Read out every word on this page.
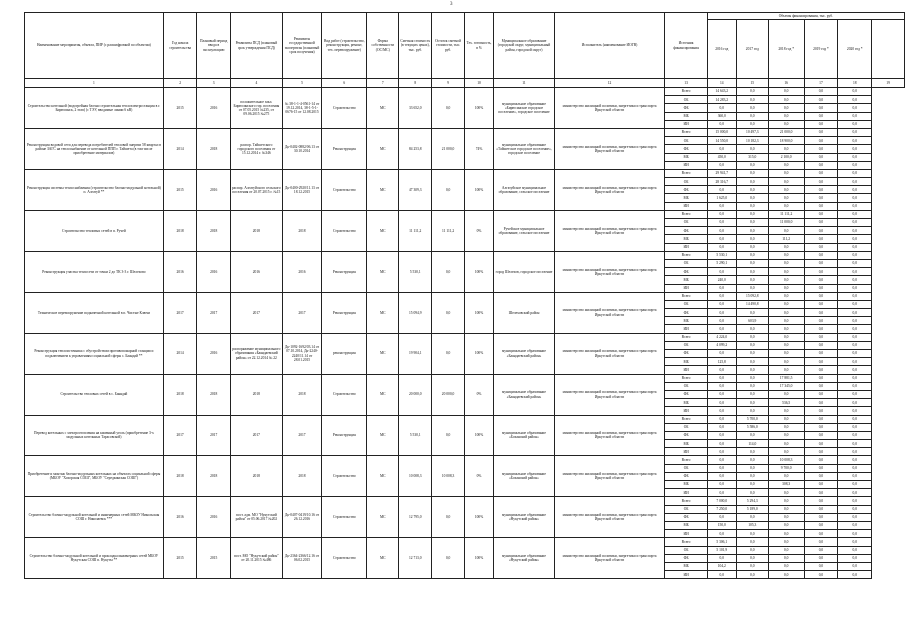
3
Наименование мероприятия, объекта, ПИР (с расшифровкой по объектам)	Год начала строительства	Плановый период ввода в эксплуатацию	Реквизиты ПСД (плановый срок утверждения ПСД)	Реквизиты государственной экспертизы (плановый срок получения)	Вид работ (строительство, реконструкция, ремонт, тех. перевооружение)	Форма собственности (ОС/МС)	Сметная стоимость (в текущих ценах), тыс. руб.	Остаток сметной стоимости, тыс. руб.	Тех. готовность, в %	Муниципальное образование (городской округ, муниципальный район, городской округ)	Исполнитель (наименование ИОГВ)	Источник финансирования	Объемы финансирования, тыс. руб.					
													2016 год	2017 год	2018 год *	2019 год *	2020 год *	
1	2	3	4	5	6	7	8	9	10	11	12	13	14	15	16	17	18	19
Строительство котельной (водогрейная блочно строительная теплоэлектростанция в г. Бирюсинск, 2 этап) (с ТЭУ, вводимые линии 6 кВ)	2015	2016	положительное закл. Бирюсинского гор. поселения от 07.05.2015 №235, от 09.06.2015 №275	№ 38-1-1-4-0561-14 от 19.12.2014, 38-1-5-1-0676-15 от 12.08.2015	Строительство	МС	33 652,0	0,0	100%	муниципальное образование «Бирюсинское городское поселение», городское поселение	министерство жилищной политики, энергетики и транспорта Иркутской области	Всего	14 643,2	0,0	0,0	0,0	0,0	
												ОБ	14 283,2	0,0	0,0	0,0	0,0	
												ФБ	0,0	0,0	0,0	0,0	0,0	
												МБ	360,0	0,0	0,0	0,0	0,0	
												ИИ	0,0	0,0	0,0	0,0	0,0	
Реконструкция водовой сети для перевода потребителей тепловой энергии 58 квартал в районе ЗАГС на теплоснабжение от котельной ППП г. Тайшета (в том числе приобретение материалов)	2014	2018	распор. Тайшетского городского поселения от 15.12.2014 г. №346	Дк-0402-0882/06.13 от 30.10.2014	Реконструкция	МС	84 253,8	21 000,0	74%	муниципальное образование «Тайшетское городское поселение», городское поселение	министерство жилищной политики, энергетики и транспорта Иркутской области	Всего	15 000,0	10 497,3	21 000,0	0,0	0,0	
												ОБ	14 550,0	10 182,3	18 900,0	0,0	0,0	
												ФБ	0,0	0,0	0,0	0,0	0,0	
												МБ	450,0	315,0	2 100,0	0,0	0,0	
												ИИ	0,0	0,0	0,0	0,0	0,0	
Реконструкция системы теплоснабжения (строительство блочно-модульной котельной) п. Алгатуй **	2015	2016	распор. Алгатуйского сельского поселения от 20.07.2015 г. №15	Дк-0400-2920/11.13 от 18.12.2015	Строительство	МС	47 309,3	0,0	100%	Алгатуйское муниципальное образование, сельское поселение	министерство жилищной политики, энергетики и транспорта Иркутской области	Всего	29 941,7	0,0	0,0	0,0	0,0	
												ОБ	28 316,7	0,0	0,0	0,0	0,0	
												ФБ	0,0	0,0	0,0	0,0	0,0	
												МБ	1 625,0	0,0	0,0	0,0	0,0	
												ИИ	0,0	0,0	0,0	0,0	0,0	
Строительство тепловых сетей в п. Ручей	2018	2018	2018	2018	Строительство	МС	11 111,2	11 111,2	0%	Ручейское муниципальное образование, сельское поселение	министерство жилищной политики, энергетики и транспорта Иркутской области	Всего	0,0	0,0	11 111,2	0,0	0,0	
												ОБ	0,0	0,0	11 000,0	0,0	0,0	
												ФБ	0,0	0,0	0,0	0,0	0,0	
												МБ	0,0	0,0	111,2	0,0	0,0	
												ИИ	0,0	0,0	0,0	0,0	0,0	
Реконструкция участка теплосети от точки 2 до ТК 3-3 г. Шелехово	2016	2016	2016	2016	Реконструкция	МС	5 530,1	0,0	100%	город Шелехов, городское поселение	министерство жилищной политики, энергетики и транспорта Иркутской области	Всего	5 530,1	0,0	0,0	0,0	0,0	
												ОБ	5 290,1	0,0	0,0	0,0	0,0	
												ФБ	0,0	0,0	0,0	0,0	0,0	
												МБ	240,0	0,0	0,0	0,0	0,0	
												ИИ	0,0	0,0	0,0	0,0	0,0	
Техническое перевооружение подкачечной котельной в п. Чистые Ключи	2017	2017	2017	2017	Реконструкция	МС	15 094,9	0,0	100%	Шелеховский район	министерство жилищной политики, энергетики и транспорта Иркутской области	Всего	0,0	15 092,8	0,0	0,0	0,0	
												ОБ	0,0	14 490,8	0,0	0,0	0,0	
												ФБ	0,0	0,0	0,0	0,0	0,0	
												МБ	0,0	603,9	0,0	0,0	0,0	
												ИИ	0,0	0,0	0,0	0,0	0,0	
Реконструкция теплоисточника с обустройством противопожарной станции и подключением к управлениям социальной сферы с. Баяндай **	2014	2016	распоряжение муниципального образования «Баяндаевский район» от 22.12.2014 № 22	Дк-1092-1692/03.14 от 07.10.2014, Дк-2240-2240/11.14 от 28.01.2015	реконструкция	МС	19 904,1	0,0	100%	муниципальное образование «Баяндаевский район»	министерство жилищной политики, энергетики и транспорта Иркутской области	Всего	4 224,0	0,0	0,0	0,0	0,0	
												ОБ	4 099,2	0,0	0,0	0,0	0,0	
												ФБ	0,0	0,0	0,0	0,0	0,0	
												МБ	125,8	0,0	0,0	0,0	0,0	
												ИИ	0,0	0,0	0,0	0,0	0,0	
Строительство тепловых сетей в с. Баяндай	2018	2018	2018	2018	Строительство	МС	20 000,0	20 000,0	0%	муниципальное образование «Баяндаевский район»	министерство жилищной политики, энергетики и транспорта Иркутской области	Всего	0,0	0,0	17 881,5	0,0	0,0	
												ОБ	0,0	0,0	17 345,0	0,0	0,0	
												ФБ	0,0	0,0	0,0	0,0	0,0	
												МБ	0,0	0,0	536,5	0,0	0,0	
												ИИ	0,0	0,0	0,0	0,0	0,0	
Перевод котельных с электроотопления на каменный уголь (приобретение 3-х модульных котельных Тарасовской)	2017	2017	2017	2017	Реконструкция	МС	5 530,1	0,0	100%	муниципальное образование «Боханский район»	министерство жилищной политики, энергетики и транспорта Иркутской области	Всего	0,0	5 700,0	0,0	0,0	0,0	
												ОБ	0,0	5 586,0	0,0	0,0	0,0	
												ФБ	0,0	0,0	0,0	0,0	0,0	
												МБ	0,0	114,0	0,0	0,0	0,0	
												ИИ	0,0	0,0	0,0	0,0	0,0	
Приобретение и монтаж блочно-модульных котельных на объектах социальной сферы (МБОУ "Хохорская СОШ", МБОУ "Середкинская СОШ")	2018	2018	2018	2018	Строительство	МС	10 008,3	10 008,3	0%	муниципальное образование «Боханский район»	министерство жилищной политики, энергетики и транспорта Иркутской области	Всего	0,0	0,0	10 008,3	0,0	0,0	
												ОБ	0,0	0,0	9 700,0	0,0	0,0	
												ФБ	0,0	0,0	0,0	0,0	0,0	
												МБ	0,0	0,0	308,3	0,0	0,0	
												ИИ	0,0	0,0	0,0	0,0	0,0	
Строительство блочно-модульной котельной и инженерных сетей МБОУ Никольская СОШ г. Николаевск ***	2016	2016	пост. адм. МО "Нукутский район" от 05.06.2017 №202	Дк-0407-0419/10.16 от 26.12.2016	Строительство	МС	12 795,0	0,0	100%	муниципальное образование «Нукутский район»	министерство жилищной политики, энергетики и транспорта Иркутской области	Всего	7 000,0	5 294,3	0,0	0,0	0,0	
												ОБ	7 250,0	5 189,0	0,0	0,0	0,0	
												ФБ	0,0	0,0	0,0	0,0	0,0	
												МБ	150,0	105,3	0,0	0,0	0,0	
												ИИ	0,0	0,0	0,0	0,0	0,0	
Строительство блочно-модульной котельной и прокладка инженерных сетей МБОУ Нукутская СОШ п. Нукуты **	2015	2015	пост. МО "Нукутский район" от 20.11.2015 №486	Дк-2364-2366/12.16 от 06.02.2015	Строительство	МС	12 713,0	0,0	100%	муниципальное образование «Нукутский район»	министерство жилищной политики, энергетики и транспорта Иркутской области	Всего	5 306,1	0,0	0,0	0,0	0,0	
												ОБ	5 101,9	0,0	0,0	0,0	0,0	
												ФБ	0,0	0,0	0,0	0,0	0,0	
												МБ	104,2	0,0	0,0	0,0	0,0	
												ИИ	0,0	0,0	0,0	0,0	0,0	
